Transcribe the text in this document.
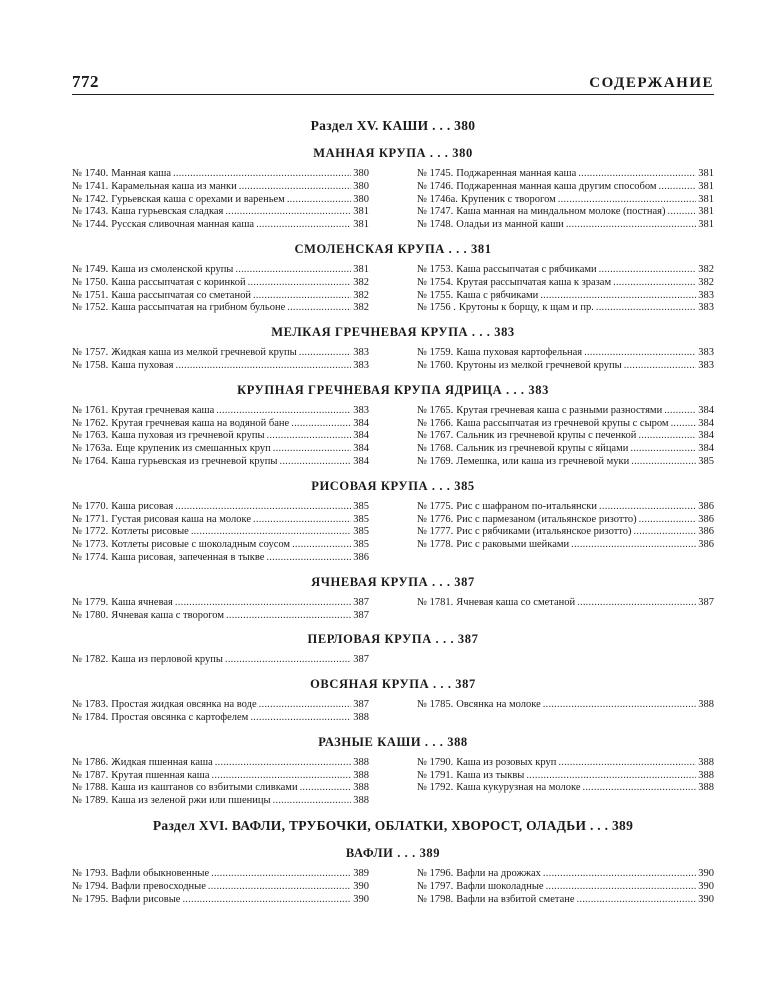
772	СОДЕРЖАНИЕ
Раздел XV. КАШИ . . . 380
МАННАЯ КРУПА . . . 380
№ 1740. Манная каша . . .	380
№ 1741. Карамельная каша из манки . . .	380
№ 1742. Гурьевская каша с орехами и вареньем . . .	380
№ 1743. Каша гурьевская сладкая . . .	381
№ 1744. Русская сливочная манная каша . . .	381
№ 1745. Поджаренная манная каша . . .	381
№ 1746. Поджаренная манная каша другим способом . . .	381
№ 1746а. Крупеник с творогом . . .	381
№ 1747. Каша манная на миндальном молоке (постная) . . .	381
№ 1748. Оладьи из манной каши . . .	381
СМОЛЕНСКАЯ КРУПА . . . 381
№ 1749. Каша из смоленской крупы . . .	381
№ 1750. Каша рассыпчатая с коринкой . . .	382
№ 1751. Каша рассыпчатая со сметаной . . .	382
№ 1752. Каша рассыпчатая на грибном бульоне . . .	382
№ 1753. Каша рассыпчатая с рябчиками . . .	382
№ 1754. Крутая рассыпчатая каша к зразам . . .	382
№ 1755. Каша с рябчиками . . .	383
№ 1756 . Крутоны к борщу, к щам и пр. . . .	383
МЕЛКАЯ ГРЕЧНЕВАЯ КРУПА . . . 383
№ 1757. Жидкая каша из мелкой гречневой крупы . . .	383
№ 1758. Каша пуховая . . .	383
№ 1759. Каша пуховая картофельная . . .	383
№ 1760. Крутоны из мелкой гречневой крупы . . .	383
КРУПНАЯ ГРЕЧНЕВАЯ КРУПА ЯДРИЦА . . . 383
№ 1761. Крутая гречневая каша . . .	383
№ 1762. Крутая гречневая каша на водяной бане . . .	384
№ 1763. Каша пуховая из гречневой крупы . . .	384
№ 1763а. Еще крупеник из смешанных круп . . .	384
№ 1764. Каша гурьевская из гречневой крупы . . .	384
№ 1765. Крутая гречневая каша с разными разностями . . .	384
№ 1766. Каша рассыпчатая из гречневой крупы с сыром . . .	384
№ 1767. Сальник из гречневой крупы с печенкой . . .	384
№ 1768. Сальник из гречневой крупы с яйцами . . .	384
№ 1769. Лемешка, или каша из гречневой муки . . .	385
РИСОВАЯ КРУПА . . . 385
№ 1770. Каша рисовая . . .	385
№ 1771. Густая рисовая каша на молоке . . .	385
№ 1772. Котлеты рисовые . . .	385
№ 1773. Котлеты рисовые с шоколадным соусом . . .	385
№ 1774. Каша рисовая, запеченная в тыкве . . .	386
№ 1775. Рис с шафраном по-итальянски . . .	386
№ 1776. Рис с пармезаном (итальянское ризотто) . . .	386
№ 1777. Рис с рябчиками (итальянское ризотто) . . .	386
№ 1778. Рис с раковыми шейками . . .	386
ЯЧНЕВАЯ КРУПА . . . 387
№ 1779. Каша ячневая . . .	387
№ 1780. Ячневая каша с творогом . . .	387
№ 1781. Ячневая каша со сметаной . . .	387
ПЕРЛОВАЯ КРУПА . . . 387
№ 1782. Каша из перловой крупы . . .	387
ОВСЯНАЯ КРУПА . . . 387
№ 1783. Простая жидкая овсянка на воде . . .	387
№ 1784. Простая овсянка с картофелем . . .	388
№ 1785. Овсянка на молоке . . .	388
РАЗНЫЕ КАШИ . . . 388
№ 1786. Жидкая пшенная каша . . .	388
№ 1787. Крутая пшенная каша . . .	388
№ 1788. Каша из каштанов со взбитыми сливками . . .	388
№ 1789. Каша из зеленой ржи или пшеницы . . .	388
№ 1790. Каша из розовых круп . . .	388
№ 1791. Каша из тыквы . . .	388
№ 1792. Каша кукурузная на молоке . . .	388
Раздел XVI. ВАФЛИ, ТРУБОЧКИ, ОБЛАТКИ, ХВОРОСТ, ОЛАДЬИ . . . 389
ВАФЛИ . . . 389
№ 1793. Вафли обыкновенные . . .	389
№ 1794. Вафли превосходные . . .	390
№ 1795. Вафли рисовые . . .	390
№ 1796. Вафли на дрожжах . . .	390
№ 1797. Вафли шоколадные . . .	390
№ 1798. Вафли на взбитой сметане . . .	390
